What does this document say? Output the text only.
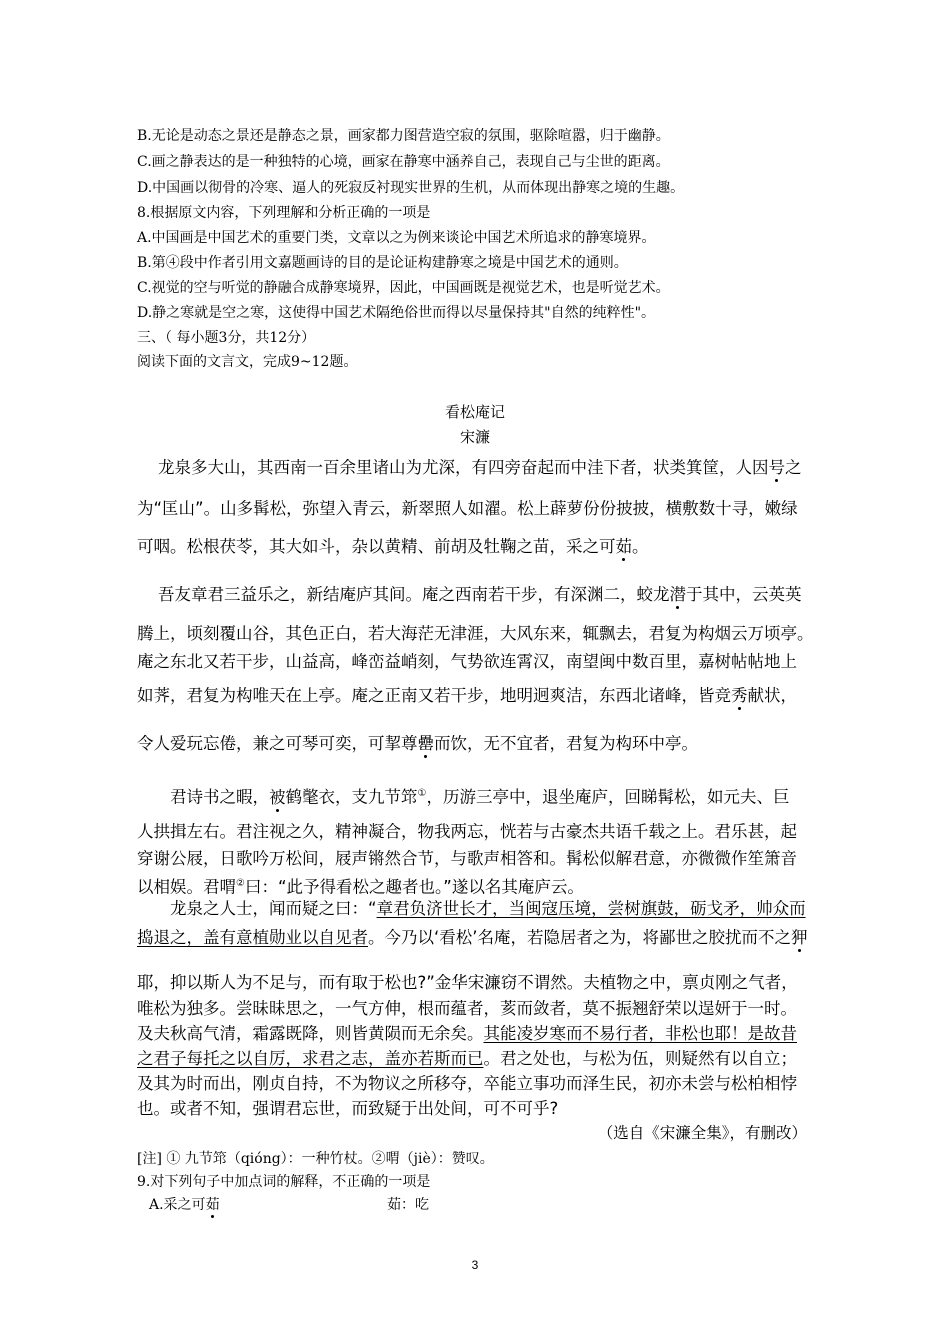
B.无论是动态之景还是静态之景，画家都力图营造空寂的氛围，驱除喧嚣，归于幽静。
C.画之静表达的是一种独特的心境，画家在静寒中涵养自己，表现自己与尘世的距离。
D.中国画以彻骨的冷寒、逼人的死寂反衬现实世界的生机，从而体现出静寒之境的生趣。
8.根据原文内容，下列理解和分析正确的一项是
A.中国画是中国艺术的重要门类，文章以之为例来谈论中国艺术所追求的静寒境界。
B.第④段中作者引用文嘉题画诗的目的是论证构建静寒之境是中国艺术的通则。
C.视觉的空与听觉的静融合成静寒境界，因此，中国画既是视觉艺术，也是听觉艺术。
D.静之寒就是空之寒，这使得中国艺术隔绝俗世而得以尽量保持其"自然的纯粹性"。
三、（ 每小题3分，共12分）
阅读下面的文言文，完成9~12题。
看松庵记
宋濂
龙泉多大山，其西南一百余里诸山为尤深，有四旁奋起而中洼下者，状类箕筐，人因号之
为“匡山”。山多髯松，弥望入青云，新翠照人如濯。松上薜萝份份披披，横敷数十寻，嫩绿
可咽。松根茯苓，其大如斗，杂以黄精、前胡及牡鞠之苗，采之可茹。
吾友章君三益乐之，新结庵庐其间。庵之西南若干步，有深渊二，蛟龙潜于其中，云英英
腾上，顷刻覆山谷，其色正白，若大海茫无津涯，大风东来，辄飘去，君复为构烟云万顷亭。
庵之东北又若干步，山益高，峰峦益峭刻，气势欲连霄汉，南望闽中数百里，嘉树帖帖地上
如荠，君复为构唯天在上亭。庵之正南又若干步，地明迥爽洁，东西北诸峰，皆竞秀献状，
令人爱玩忘倦，兼之可琴可奕，可挈尊罍而饮，无不宜者，君复为构环中亭。
君诗书之暇，被鹤氅衣，支九节筇①，历游三亭中，退坐庵庐，回睇髯松，如元夫、巨
人拱揖左右。君注视之久，精神凝合，物我两忘，恍若与古豪杰共语千载之上。君乐甚，起
穿谢公屐，日歌吟万松间，屐声锵然合节，与歌声相答和。髯松似解君意，亦微微作笙箫音
以相娱。君喟②曰：“此予得看松之趣者也。”遂以名其庵庐云。
龙泉之人士，闻而疑之曰：“章君负济世长才，当闽寇压境，尝树旗鼓，砺戈矛，帅众而
捣退之，盖有意植勋业以自见者。今乃以‘看松’名庵，若隐居者之为，将鄙世之胶扰而不之狎
耶，抑以斯人为不足与，而有取于松也?”金华宋濂窃不谓然。夫植物之中，禀贞刚之气者，
唯松为独多。尝昧昧思之，一气方伸，根而蕴者，荄而敛者，莫不振翘舒荣以逞妍于一时。
及夫秋高气清，霜露既降，则皆黄陨而无余矣。其能凌岁寒而不易行者，非松也耶！是故昔
之君子每托之以自厉，求君之志，盖亦若斯而已。君之处也，与松为伍，则疑然有以自立；
及其为时而出，刚贞自持，不为物议之所移夺，卒能立事功而泽生民，初亦未尝与松柏相悖
也。或者不知，强谓君忘世，而致疑于出处间，可不可乎?
（选自《宋濂全集》，有删改）
[注] ① 九节筇（qióng）：一种竹杖。②喟（jiè）：赞叹。
9.对下列句子中加点词的解释，不正确的一项是
A.采之可茹	茹：吃
3
